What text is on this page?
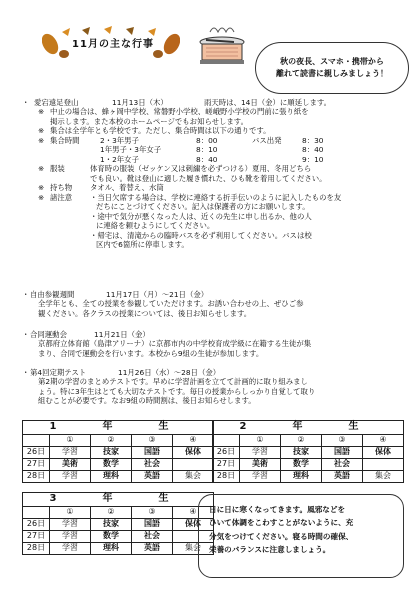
11月の主な行事
秋の夜長、スマホ・携帯から
離れて読書に親しみましょう！
・ 愛宕遠足登山	11月13日（木）	雨天時は、14日（金）に順延します。
※ 中止の場合は、蜂ヶ岡中学校、常磐野小学校、嵯峨野小学校の門前に張り紙を
掲示します。また本校のホームページでもお知らせします。
※ 集合は全学年とも学校です。ただし、集合時間は以下の通りです。
※ 集合時間	2・3年男子	8：00	バス出発	8：30
1年男子・3年女子	8：10	8：40
1・2年女子	8：40	9：10
※ 服装	体育時の服装（ゼッケン又は刺繍を必ずつける）夏用、冬用どちら
でも良い。靴は登山に適した履き慣れた、ひも靴を着用してください。
※ 持ち物	タオル、着替え、水筒
※ 諸注意	・当日欠席する場合は、学校に連絡する折手伝いのように記入したものを友
だちにことづけてください。記入は保護者の方にお願いします。
・途中で気分が悪くなった人は、近くの先生に申し出るか、他の人
に連絡を頼むようにしてください。
・帰宅は、清滝からの臨時バスを必ず利用してください。バスは校
区内で6箇所に停車します。
・ 自由参観週間	11月17日（月）～21日（金）
全学年とも、全ての授業を参観していただけます。お誘い合わせの上、ぜひご参
観ください。各クラスの授業については、後日お知らせします。
・ 合同運動会	11月21日（金）
京都府立体育館（島津アリーナ）に京都市内の中学校育成学級に在籍する生徒が集
まり、合同で運動会を行います。本校から9組の生徒が参加します。
・ 第4回定期テスト	11月26日（水）～28日（金）
第2期の学習のまとめテストです。早めに学習計画を立てて計画的に取り組みまし
ょう。特に3年生はとても大切なテストです。毎日の授業からしっかり自覚して取り
組むことが必要です。なお9組の時間割は、後日お知らせします。
1　年　生				
	①	②	③	④
26日	学習	技家	国語	保体
27日	美術	数学	社会	
28日	学習	理科	英語	集会
2　年　生				
	①	②	③	④
26日	学習	技家	国語	保体
27日	美術	数学	社会	
28日	学習	理科	英語	集会
3　年　生				
	①	②	③	④
26日	学習	技家	国語	保体
27日	学習	数学	社会	
28日	学習	理科	英語	集会
日に日に寒くなってきます。風邪などを
ひいて体調をこわすことがないように、充
分気をつけてください。寝る時間の確保、
栄養のバランスに注意しましょう。
